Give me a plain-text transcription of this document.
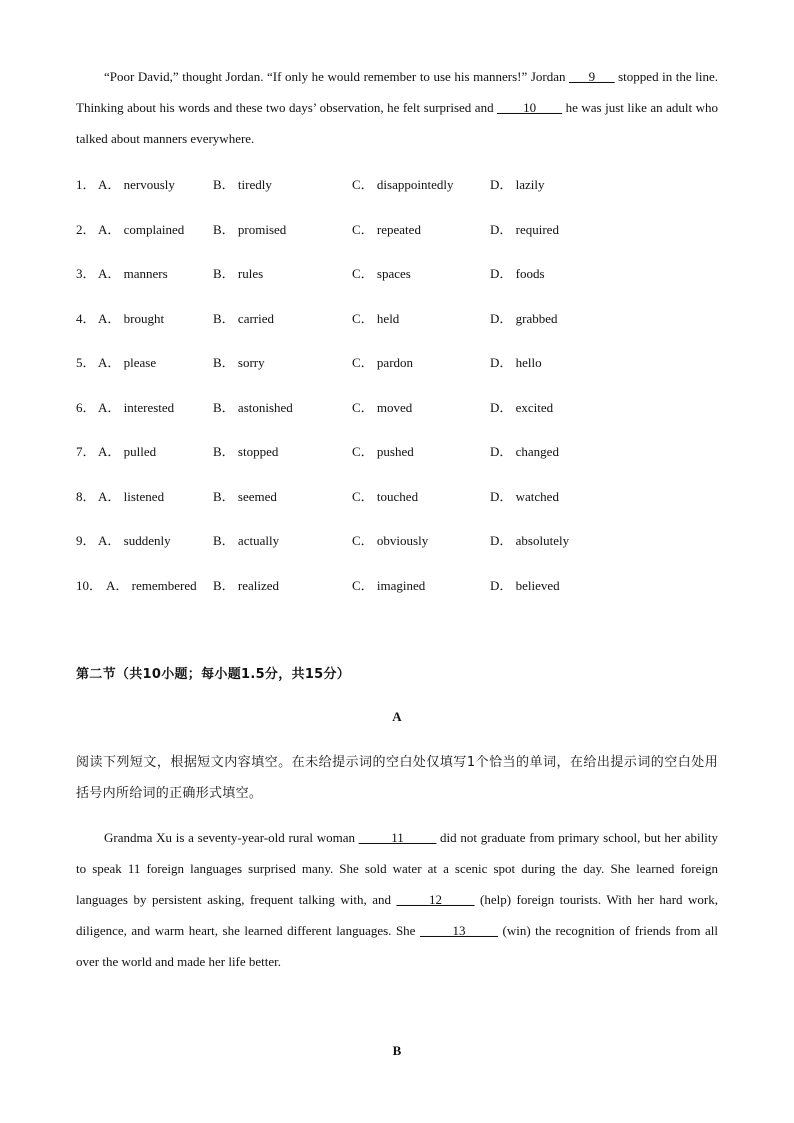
“Poor David,” thought Jordan. “If only he would remember to use his manners!” Jordan ___9___ stopped in the line. Thinking about his words and these two days’ observation, he felt surprised and ____10____ he was just like an adult who talked about manners everywhere.

1． A． nervously	B． tiredly	C． disappointedly	D． lazily
2． A． complained B． promised	C． repeated	D． required
3． A． manners	B． rules	C． spaces	D． foods
4． A． brought	B． carried	C． held	D． grabbed
5． A． please	B． sorry	C． pardon	D． hello
6． A． interested	B． astonished	C． moved	D． excited
7． A． pulled	B． stopped	C． pushed	D． changed
8． A． listened	B． seemed	C． touched	D． watched
9． A． suddenly	B． actually	C． obviously	D． absolutely
10． A． remembered B． realized	C． imagined	D． believed
第二节（共10小题；每小题1.5分，共15分）
A

阅读下列短文，根据短文内容填空。在未给提示词的空白处仅填写1个恰当的单词，在给出提示词的空白处用括号内所给词的正确形式填空。

Grandma Xu is a seventy-year-old rural woman _____11_____ did not graduate from primary school, but her ability to speak 11 foreign languages surprised many. She sold water at a scenic spot during the day. She learned foreign languages by persistent asking, frequent talking with, and _____12_____ (help) foreign tourists. With her hard work, diligence, and warm heart, she learned different languages. She _____13_____ (win) the recognition of friends from all over the world and made her life better.

B
